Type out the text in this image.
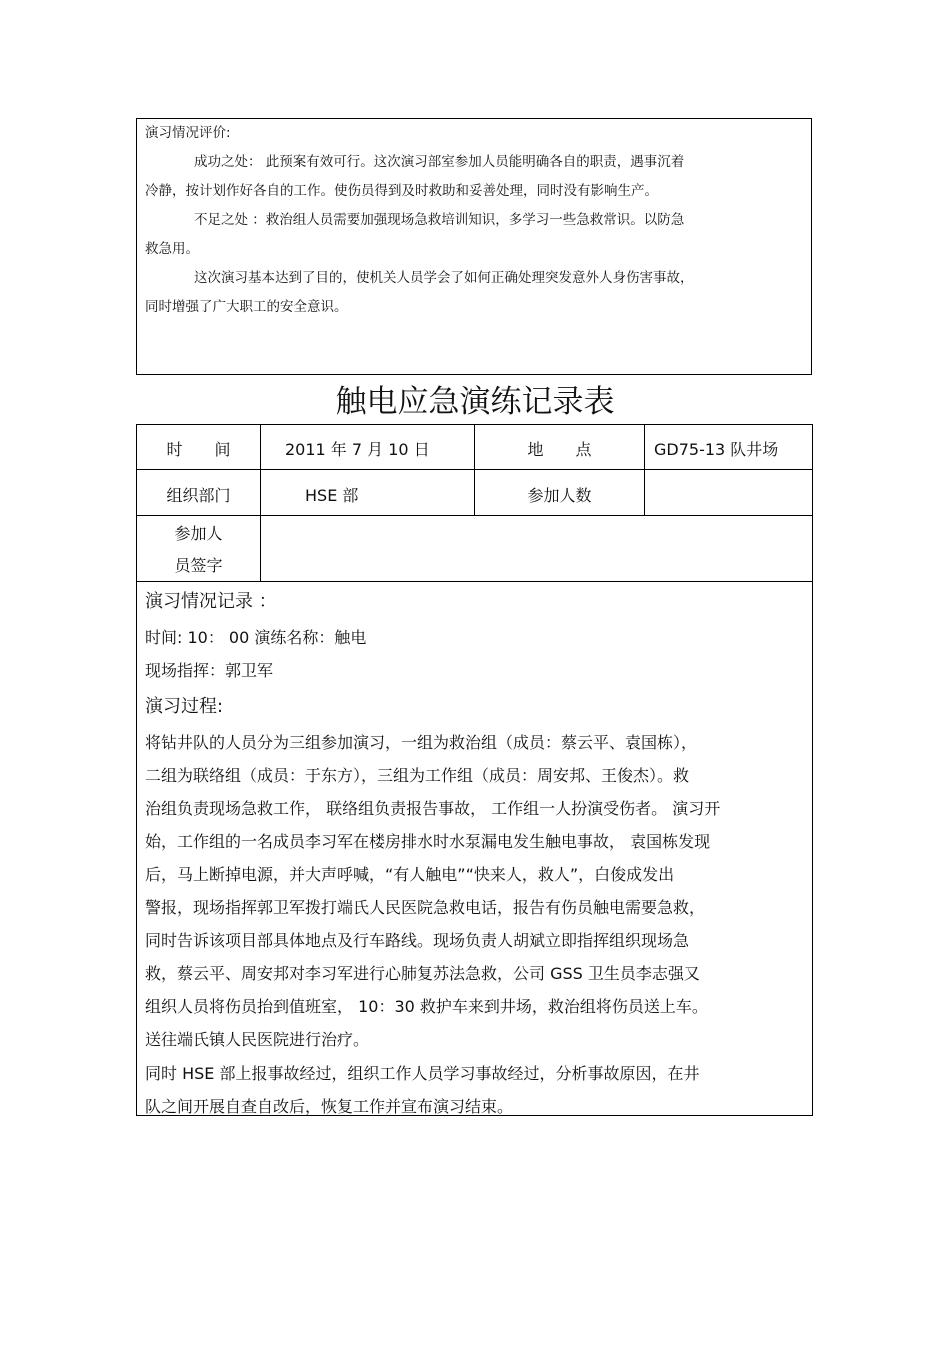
演习情况评价:
成功之处： 此预案有效可行。这次演习部室参加人员能明确各自的职责，遇事沉着
冷静，按计划作好各自的工作。使伤员得到及时救助和妥善处理，同时没有影响生产。
不足之处 ：救治组人员需要加强现场急救培训知识，多学习一些急救常识。以防急
救急用。
这次演习基本达到了目的，使机关人员学会了如何正确处理突发意外人身伤害事故，
同时增强了广大职工的安全意识。
触电应急演练记录表
时　　间	2011 年 7 月 10 日	地　　点	GD75-13 队井场
组织部门	HSE 部	参加人数
参加人
员签字
演习情况记录 ：
时间: 10： 00 演练名称：触电
现场指挥：郭卫军
演习过程:
将钻井队的人员分为三组参加演习，一组为救治组（成员：蔡云平、袁国栋），
二组为联络组（成员：于东方），三组为工作组（成员：周安邦、王俊杰）。救
治组负责现场急救工作， 联络组负责报告事故， 工作组一人扮演受伤者。 演习开
始，工作组的一名成员李习军在楼房排水时水泵漏电发生触电事故， 袁国栋发现
后，马上断掉电源，并大声呼喊，“有人触电”“快来人，救人”，白俊成发出
警报，现场指挥郭卫军拨打端氏人民医院急救电话，报告有伤员触电需要急救，
同时告诉该项目部具体地点及行车路线。现场负责人胡斌立即指挥组织现场急
救，蔡云平、周安邦对李习军进行心肺复苏法急救，公司 GSS 卫生员李志强又
组织人员将伤员抬到值班室， 10：30 救护车来到井场，救治组将伤员送上车。
送往端氏镇人民医院进行治疗。
同时 HSE 部上报事故经过，组织工作人员学习事故经过，分析事故原因，在井
队之间开展自查自改后，恢复工作并宣布演习结束。
